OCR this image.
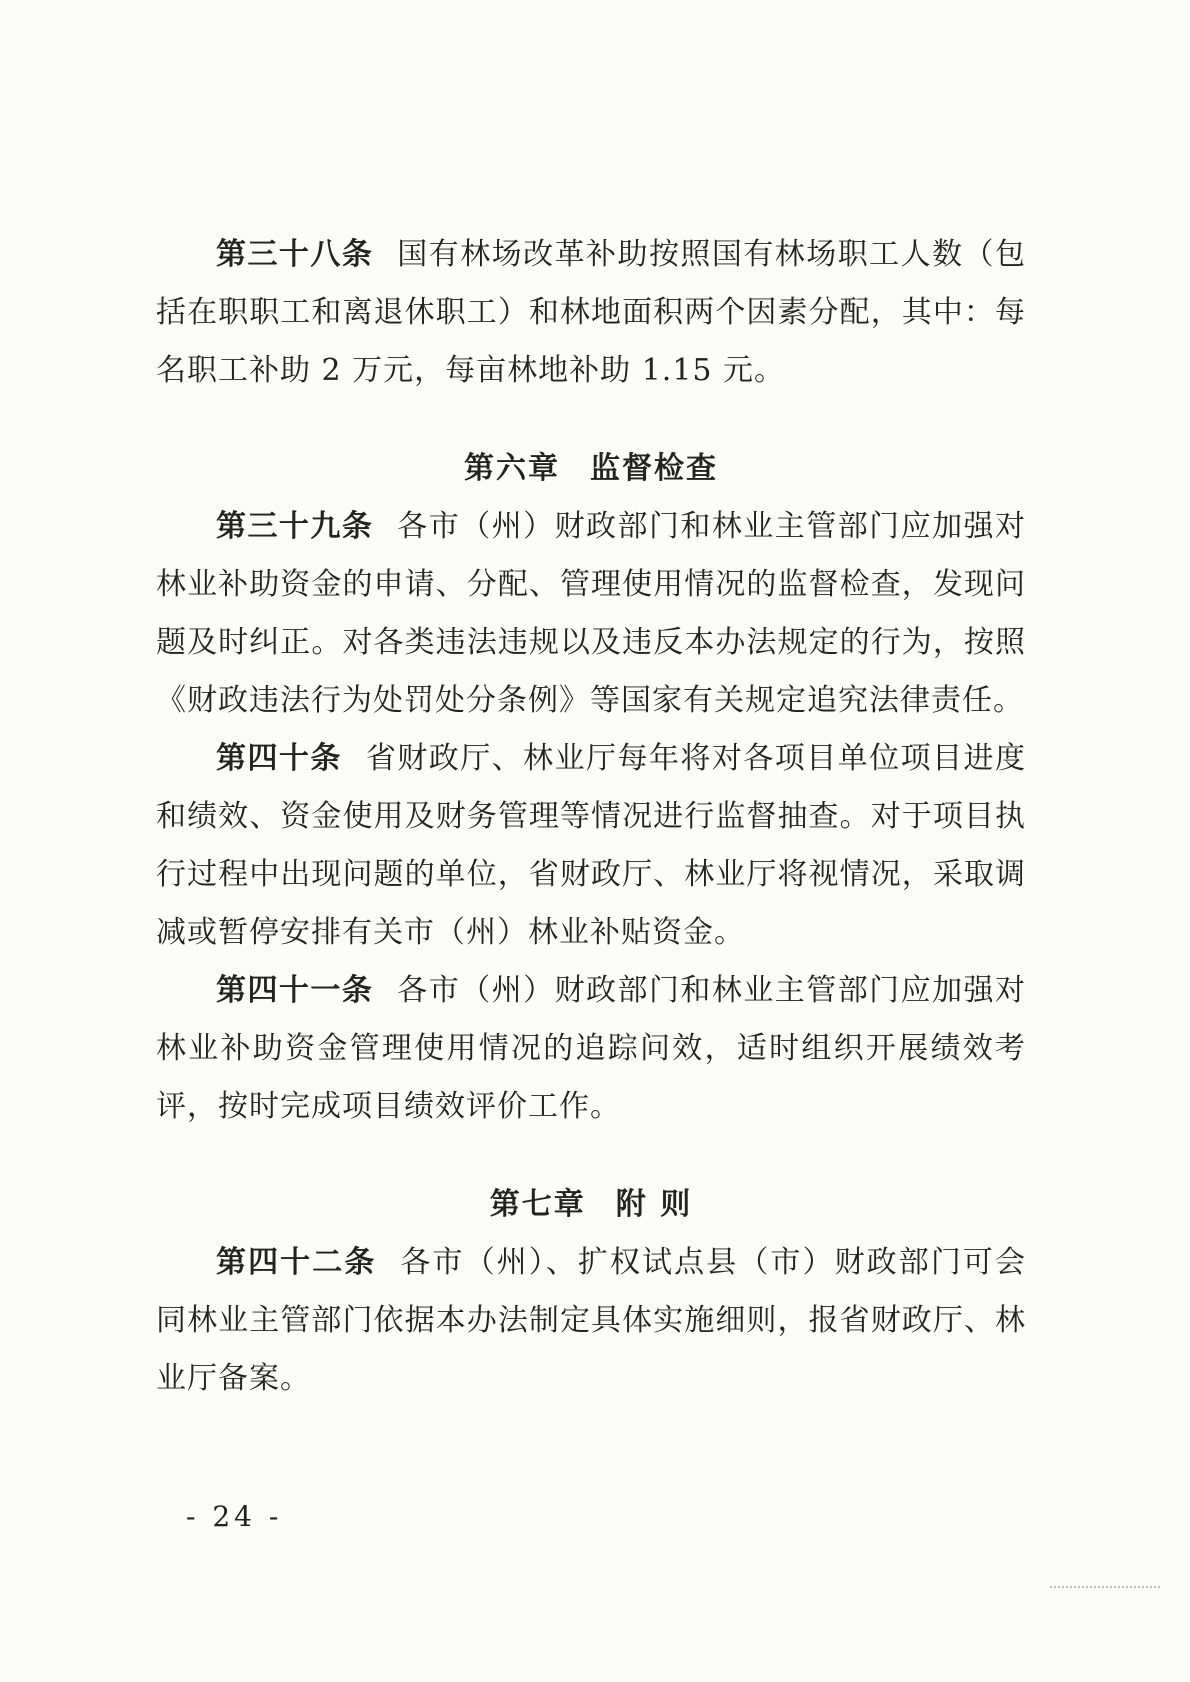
第三十八条 国有林场改革补助按照国有林场职工人数（包括在职职工和离退休职工）和林地面积两个因素分配，其中：每名职工补助 2 万元，每亩林地补助 1.15 元。

第六章 监督检查

第三十九条 各市（州）财政部门和林业主管部门应加强对林业补助资金的申请、分配、管理使用情况的监督检查，发现问题及时纠正。对各类违法违规以及违反本办法规定的行为，按照《财政违法行为处罚处分条例》等国家有关规定追究法律责任。

第四十条 省财政厅、林业厅每年将对各项目单位项目进度和绩效、资金使用及财务管理等情况进行监督抽查。对于项目执行过程中出现问题的单位，省财政厅、林业厅将视情况，采取调减或暂停安排有关市（州）林业补贴资金。

第四十一条 各市（州）财政部门和林业主管部门应加强对林业补助资金管理使用情况的追踪问效，适时组织开展绩效考评，按时完成项目绩效评价工作。

第七章 附 则

第四十二条 各市（州）、扩权试点县（市）财政部门可会同林业主管部门依据本办法制定具体实施细则，报省财政厅、林业厅备案。

- 24 -
